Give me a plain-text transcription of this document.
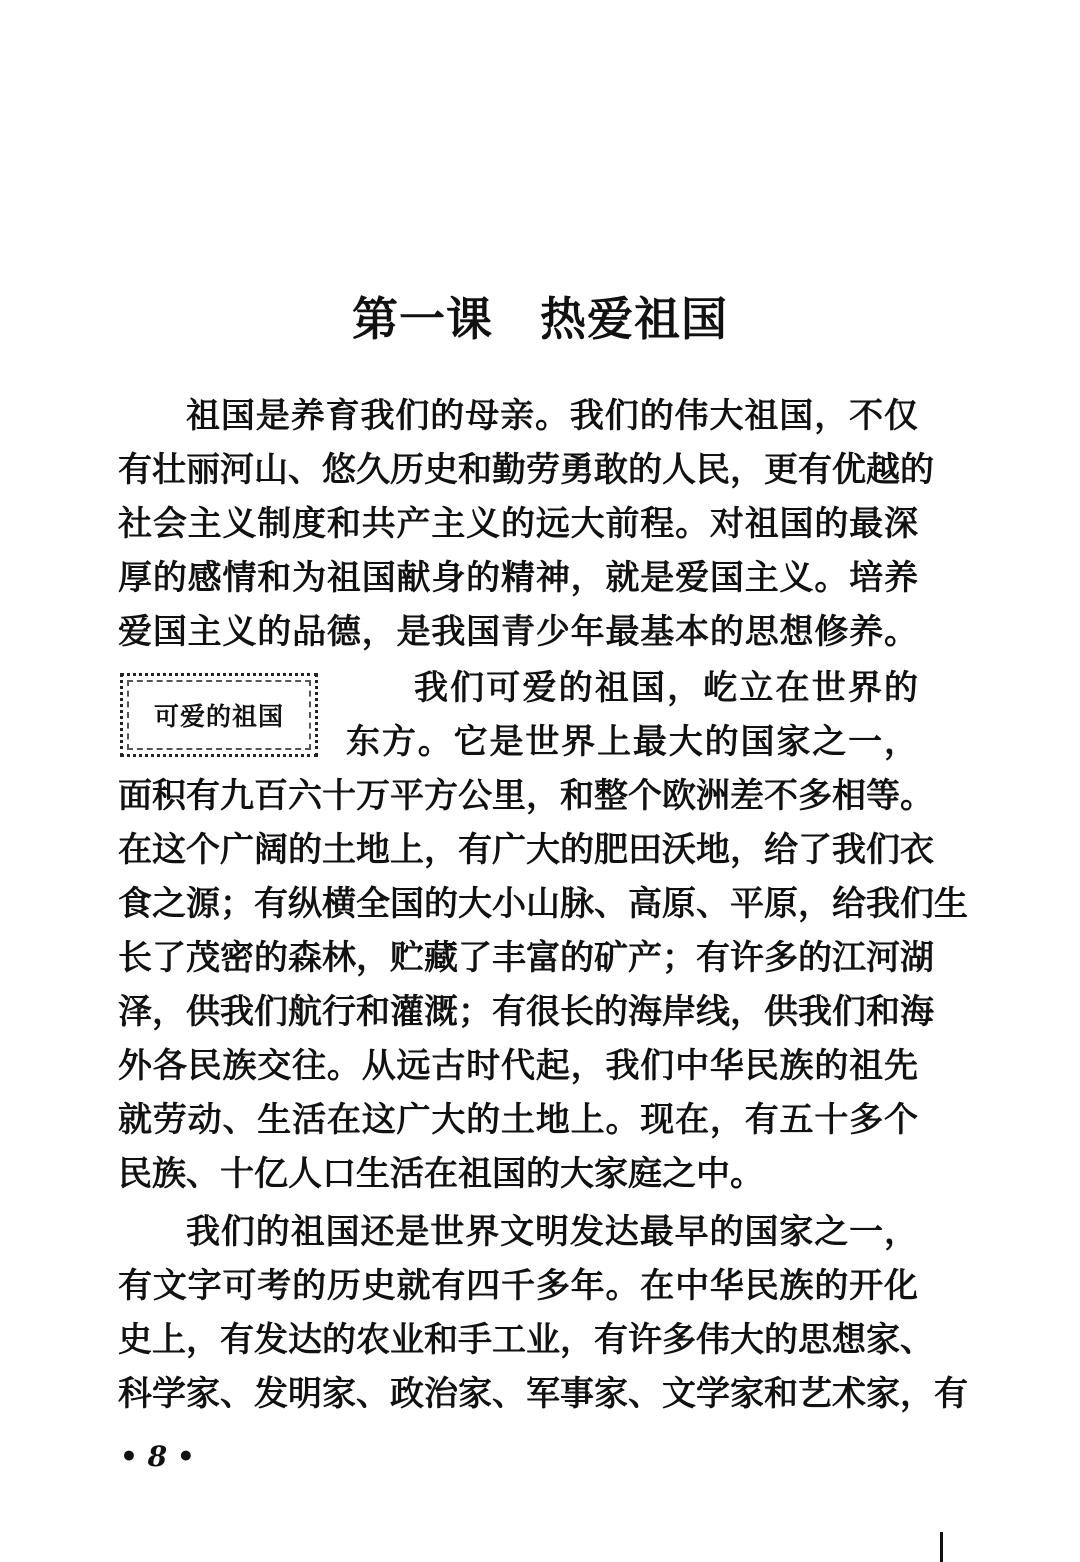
第一课　热爱祖国
祖国是养育我们的母亲。我们的伟大祖国，不仅
有壮丽河山、悠久历史和勤劳勇敢的人民，更有优越的
社会主义制度和共产主义的远大前程。对祖国的最深
厚的感情和为祖国献身的精神，就是爱国主义。培养
爱国主义的品德，是我国青少年最基本的思想修养。
可爱的祖国
我们可爱的祖国，屹立在世界的
东方。它是世界上最大的国家之一，
面积有九百六十万平方公里，和整个欧洲差不多相等。
在这个广阔的土地上，有广大的肥田沃地，给了我们衣
食之源；有纵横全国的大小山脉、高原、平原，给我们生
长了茂密的森林，贮藏了丰富的矿产；有许多的江河湖
泽，供我们航行和灌溉；有很长的海岸线，供我们和海
外各民族交往。从远古时代起，我们中华民族的祖先
就劳动、生活在这广大的土地上。现在，有五十多个
民族、十亿人口生活在祖国的大家庭之中。
我们的祖国还是世界文明发达最早的国家之一，
有文字可考的历史就有四千多年。在中华民族的开化
史上，有发达的农业和手工业，有许多伟大的思想家、
科学家、发明家、政治家、军事家、文学家和艺术家，有
• 8 •
